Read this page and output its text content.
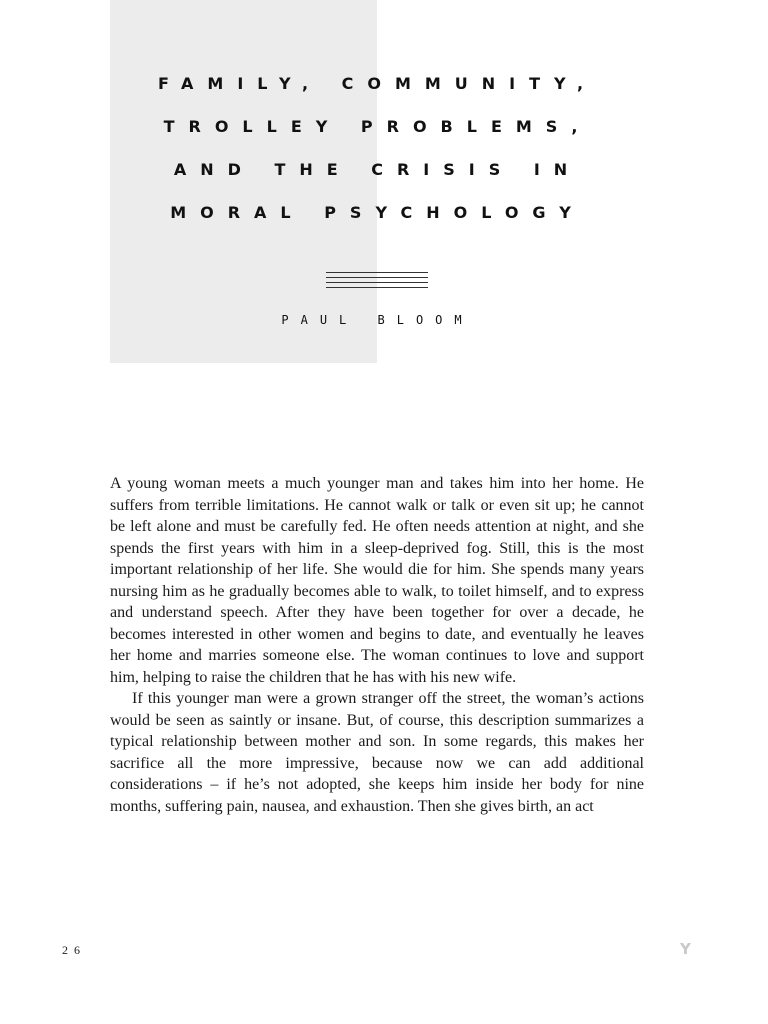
FAMILY, COMMUNITY,
TROLLEY PROBLEMS,
AND THE CRISIS IN
MORAL PSYCHOLOGY
PAUL BLOOM

A young woman meets a much younger man and takes him into her home. He suffers from terrible limitations. He cannot walk or talk or even sit up; he cannot be left alone and must be carefully fed. He often needs attention at night, and she spends the first years with him in a sleep-deprived fog. Still, this is the most important relationship of her life. She would die for him. She spends many years nursing him as he gradually becomes able to walk, to toilet himself, and to express and understand speech. After they have been together for over a decade, he becomes interested in other women and begins to date, and eventually he leaves her home and marries someone else. The woman continues to love and support him, helping to raise the children that he has with his new wife.

If this younger man were a grown stranger off the street, the woman’s actions would be seen as saintly or insane. But, of course, this description summarizes a typical relationship between mother and son. In some regards, this makes her sacrifice all the more impressive, because now we can add additional considerations – if he’s not adopted, she keeps him inside her body for nine months, suffering pain, nausea, and exhaustion. Then she gives birth, an act

26	Y
